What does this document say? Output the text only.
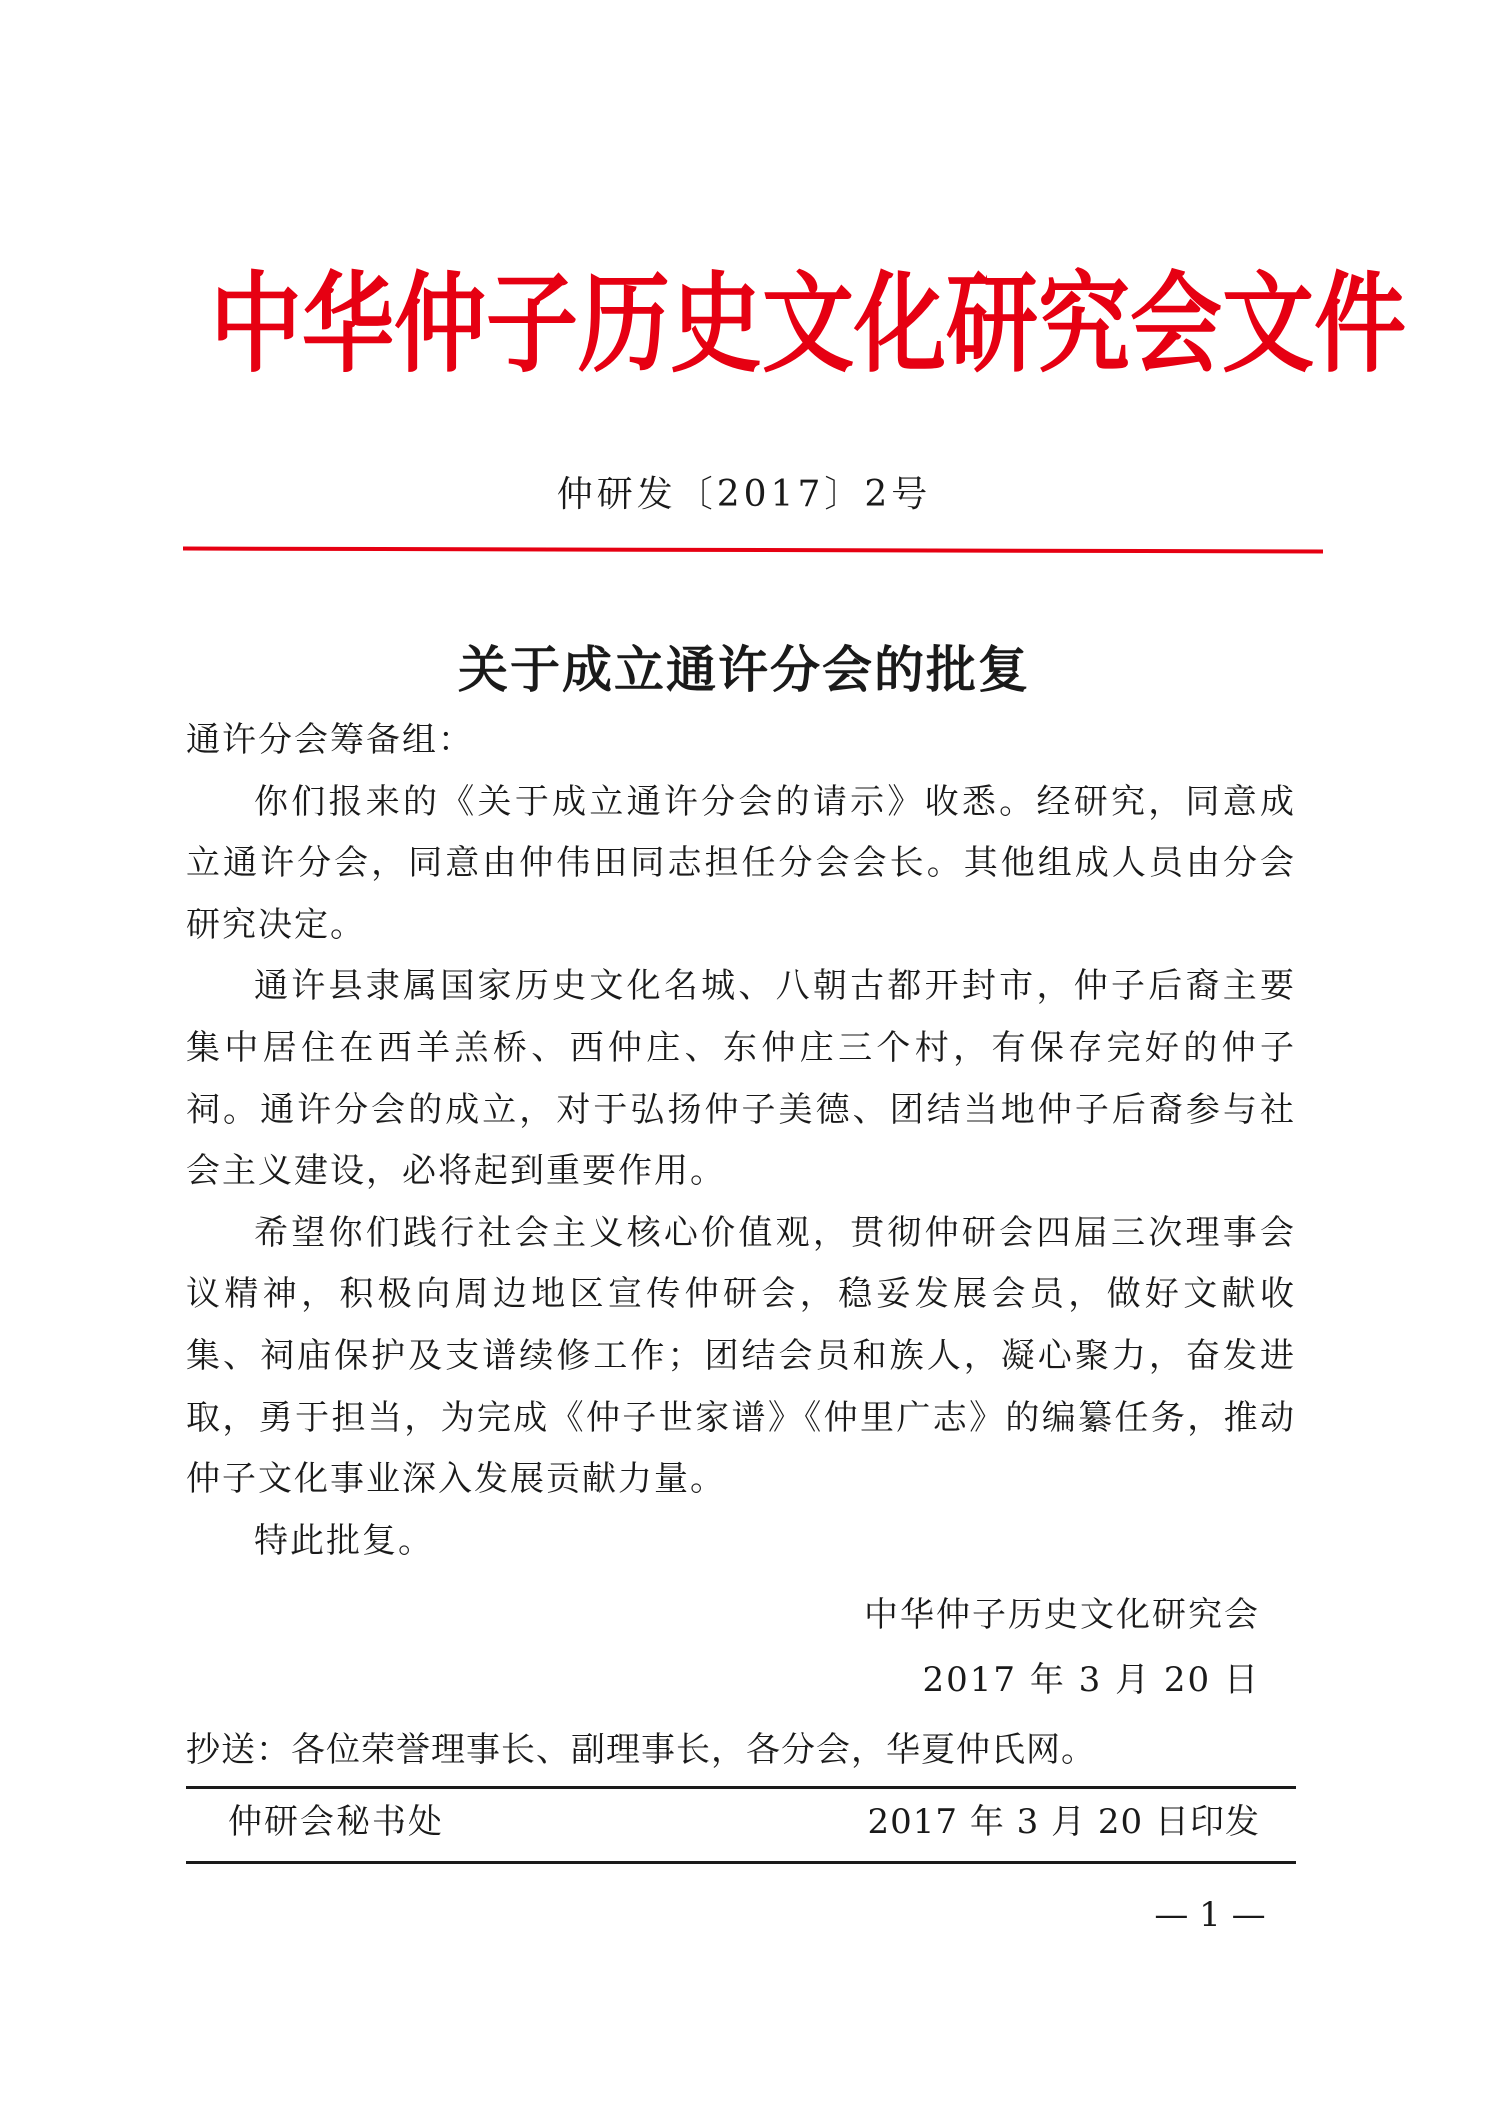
中华仲子历史文化研究会文件
仲研发〔2017〕2号
关于成立通许分会的批复

通许分会筹备组：

你们报来的《关于成立通许分会的请示》收悉。经研究，同意成立通许分会，同意由仲伟田同志担任分会会长。其他组成人员由分会研究决定。

通许县隶属国家历史文化名城、八朝古都开封市，仲子后裔主要集中居住在西羊羔桥、西仲庄、东仲庄三个村，有保存完好的仲子祠。通许分会的成立，对于弘扬仲子美德、团结当地仲子后裔参与社会主义建设，必将起到重要作用。

希望你们践行社会主义核心价值观，贯彻仲研会四届三次理事会议精神，积极向周边地区宣传仲研会，稳妥发展会员，做好文献收集、祠庙保护及支谱续修工作；团结会员和族人，凝心聚力，奋发进取，勇于担当，为完成《仲子世家谱》《仲里广志》的编纂任务，推动仲子文化事业深入发展贡献力量。

特此批复。

中华仲子历史文化研究会
2017 年 3 月 20 日
抄送：各位荣誉理事长、副理事长，各分会，华夏仲氏网。
仲研会秘书处	2017 年 3 月 20 日印发
— 1 —
